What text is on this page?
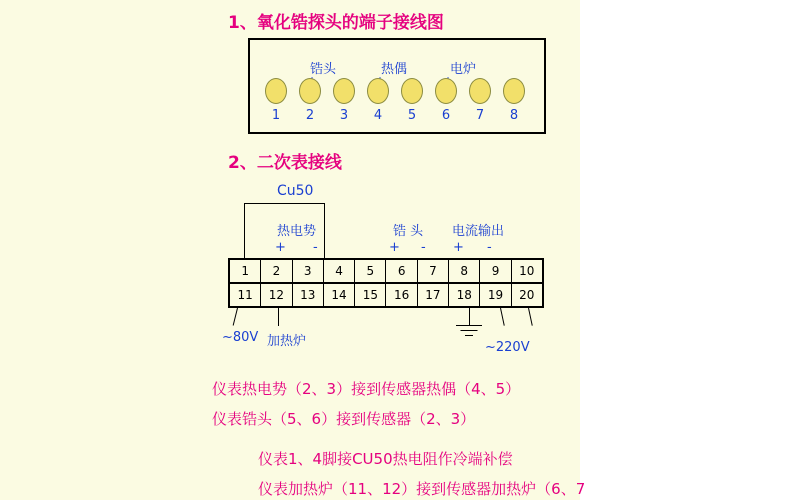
1、氧化锆探头的端子接线图
锆头	热偶	电炉
1	2	3	4	5	6	7	8
2、二次表接线
Cu50
热电势	锆 头 电流输出
+ -	+ - + -
1	2	3	4	5	6	7	8	9	10
11	12	13	14	15	16	17	18	19	20
~80V 加热炉	~220V
仪表热电势（2、3）接到传感器热偶（4、5）
仪表锆头（5、6）接到传感器（2、3）
仪表1、4脚接CU50热电阻作冷端补偿
仪表加热炉（11、12）接到传感器加热炉（6、7
